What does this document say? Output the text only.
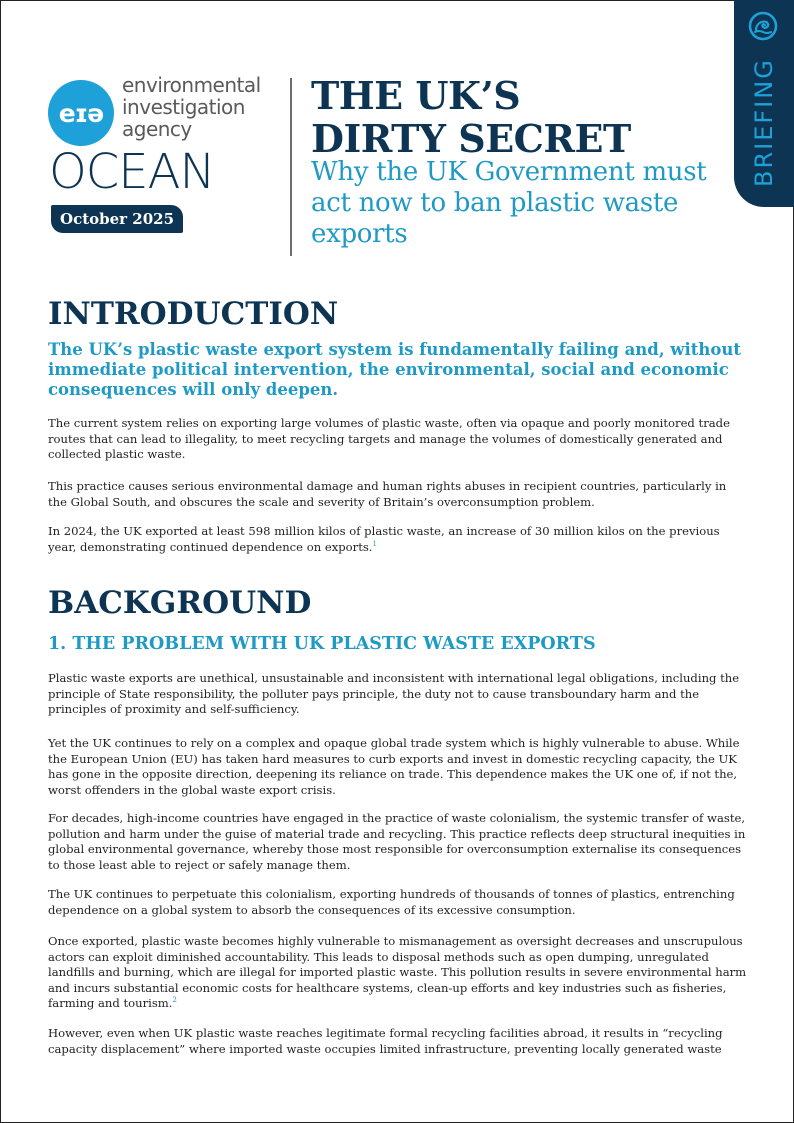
eɪə
environmental
investigation
agency
OCEAN
October 2025
THE UK’S
DIRTY SECRET
Why the UK Government must act now to ban plastic waste exports
BRIEFING
INTRODUCTION
The UK’s plastic waste export system is fundamentally failing and, without immediate political intervention, the environmental, social and economic consequences will only deepen.

The current system relies on exporting large volumes of plastic waste, often via opaque and poorly monitored trade routes that can lead to illegality, to meet recycling targets and manage the volumes of domestically generated and collected plastic waste.

This practice causes serious environmental damage and human rights abuses in recipient countries, particularly in the Global South, and obscures the scale and severity of Britain’s overconsumption problem.

In 2024, the UK exported at least 598 million kilos of plastic waste, an increase of 30 million kilos on the previous year, demonstrating continued dependence on exports.$^1$

BACKGROUND
1. THE PROBLEM WITH UK PLASTIC WASTE EXPORTS

Plastic waste exports are unethical, unsustainable and inconsistent with international legal obligations, including the principle of State responsibility, the polluter pays principle, the duty not to cause transboundary harm and the principles of proximity and self-sufficiency.

Yet the UK continues to rely on a complex and opaque global trade system which is highly vulnerable to abuse. While the European Union (EU) has taken hard measures to curb exports and invest in domestic recycling capacity, the UK has gone in the opposite direction, deepening its reliance on trade. This dependence makes the UK one of, if not the, worst offenders in the global waste export crisis.

For decades, high-income countries have engaged in the practice of waste colonialism, the systemic transfer of waste, pollution and harm under the guise of material trade and recycling. This practice reflects deep structural inequities in global environmental governance, whereby those most responsible for overconsumption externalise its consequences to those least able to reject or safely manage them.

The UK continues to perpetuate this colonialism, exporting hundreds of thousands of tonnes of plastics, entrenching dependence on a global system to absorb the consequences of its excessive consumption.

Once exported, plastic waste becomes highly vulnerable to mismanagement as oversight decreases and unscrupulous actors can exploit diminished accountability. This leads to disposal methods such as open dumping, unregulated landfills and burning, which are illegal for imported plastic waste. This pollution results in severe environmental harm and incurs substantial economic costs for healthcare systems, clean-up efforts and key industries such as fisheries, farming and tourism.$^2$

However, even when UK plastic waste reaches legitimate formal recycling facilities abroad, it results in “recycling capacity displacement” where imported waste occupies limited infrastructure, preventing locally generated waste
